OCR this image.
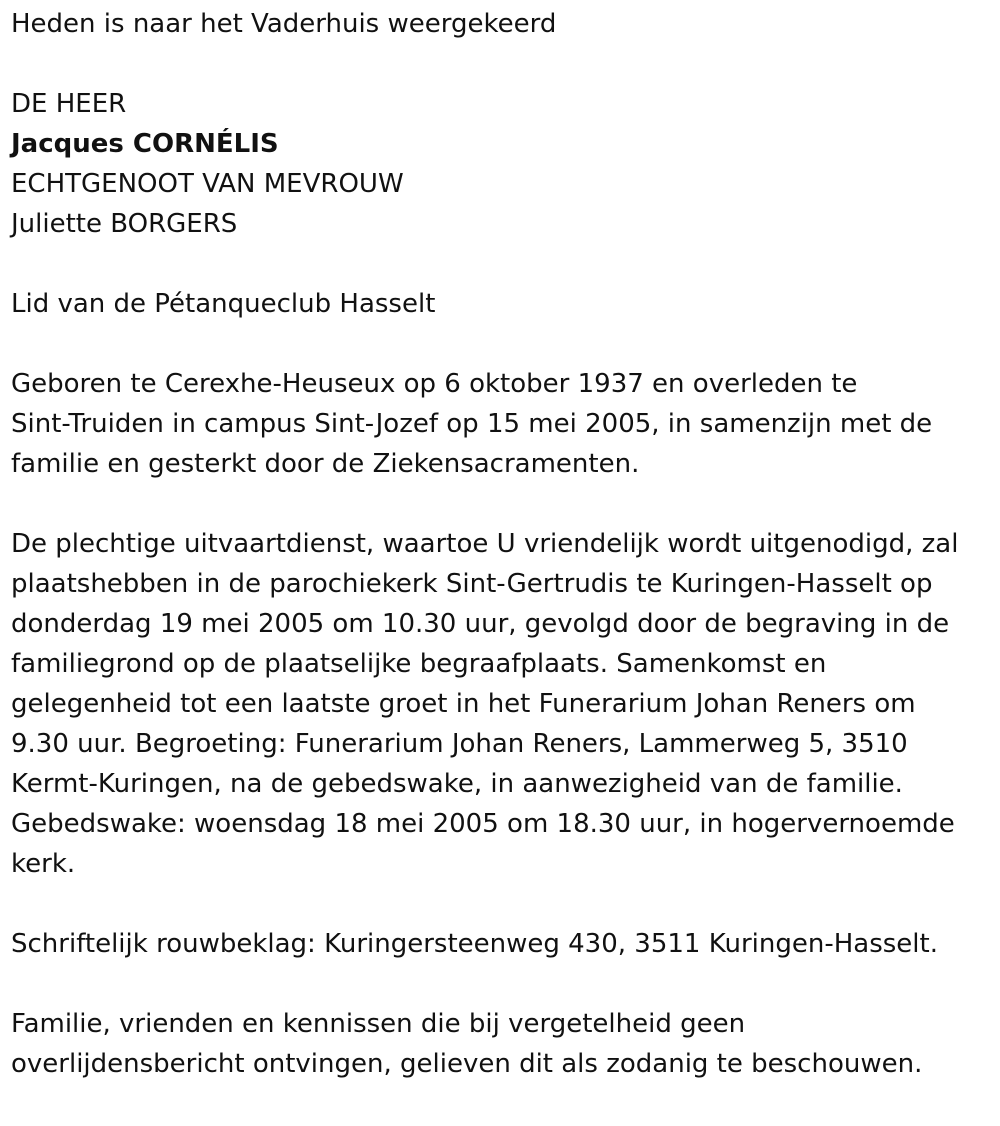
Heden is naar het Vaderhuis weergekeerd
DE HEER
Jacques CORNÉLIS
ECHTGENOOT VAN MEVROUW
Juliette BORGERS
Lid van de Pétanqueclub Hasselt
Geboren te Cerexhe-Heuseux op 6 oktober 1937 en overleden te
Sint-Truiden in campus Sint-Jozef op 15 mei 2005, in samenzijn met de
familie en gesterkt door de Ziekensacramenten.
De plechtige uitvaartdienst, waartoe U vriendelijk wordt uitgenodigd, zal
plaatshebben in de parochiekerk Sint-Gertrudis te Kuringen-Hasselt op
donderdag 19 mei 2005 om 10.30 uur, gevolgd door de begraving in de
familiegrond op de plaatselijke begraafplaats. Samenkomst en
gelegenheid tot een laatste groet in het Funerarium Johan Reners om
9.30 uur. Begroeting: Funerarium Johan Reners, Lammerweg 5, 3510
Kermt-Kuringen, na de gebedswake, in aanwezigheid van de familie.
Gebedswake: woensdag 18 mei 2005 om 18.30 uur, in hogervernoemde
kerk.
Schriftelijk rouwbeklag: Kuringersteenweg 430, 3511 Kuringen-Hasselt.
Familie, vrienden en kennissen die bij vergetelheid geen
overlijdensbericht ontvingen, gelieven dit als zodanig te beschouwen.
